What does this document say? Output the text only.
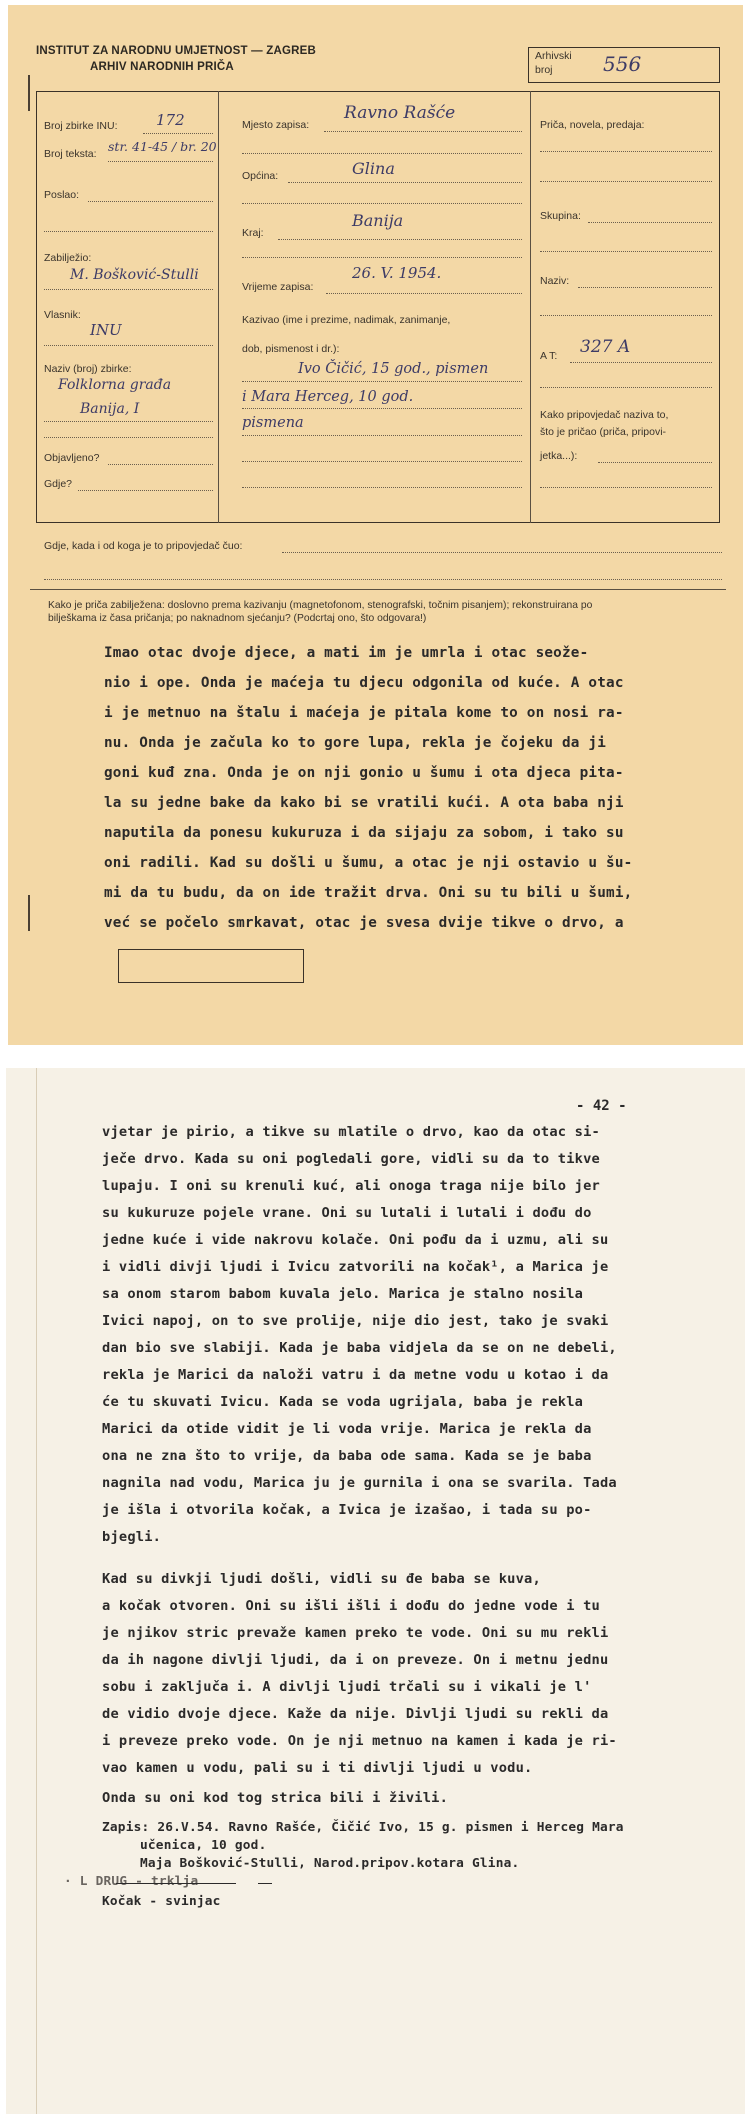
INSTITUT ZA NARODNU UMJETNOST — ZAGREB
ARHIV NARODNIH PRIČA
Arhivski
broj	556
Broj zbirke INU:	172
Broj teksta: str. 41-45 / br. 20
Poslao:
Zabilježio:
M. Bošković-Stulli
Vlasnik:
INU
Naziv (broj) zbirke:
Folklorna građa
Banija, I
Objavljeno?
Gdje?
Mjesto zapisa:
Ravno Rašće
Općina:	Glina
Kraj:
Banija
Vrijeme zapisa:
26. V. 1954.
Kazivao (ime i prezime, nadimak, zanimanje,
dob, pismenost i dr.):
Ivo Čičić, 15 god., pismen
i Mara Herceg, 10 god.
pismena
Priča, novela, predaja:
Skupina:
Naziv:
A T: 327 A
Kako pripovjedač naziva to,
što je pričao (priča, pripovi-
jetka...):
Gdje, kada i od koga je to pripovjedač čuo:
Kako je priča zabilježena: doslovno prema kazivanju (magnetofonom, stenografski, točnim pisanjem); rekonstruirana po
bilješkama iz časa pričanja; po naknadnom sjećanju? (Podcrtaj ono, što odgovara!)
Imao otac dvoje djece, a mati im je umrla i otac seože-
nio i ope. Onda je maćeja tu djecu odgonila od kuće. A otac
i je metnuo na štalu i maćeja je pitala kome to on nosi ra-
nu. Onda je začula ko to gore lupa, rekla je čojeku da ji
goni kuđ zna. Onda je on nji gonio u šumu i ota djeca pita-
la su jedne bake da kako bi se vratili kući. A ota baba nji
naputila da ponesu kukuruza i da sijaju za sobom, i tako su
oni radili. Kad su došli u šumu, a otac je nji ostavio u šu-
mi da tu budu, da on ide tražit drva. Oni su tu bili u šumi,
već se počelo smrkavat, otac je svesa dvije tikve o drvo, a
- 42 -
vjetar je pirio, a tikve su mlatile o drvo, kao da otac si-
ječe drvo. Kada su oni pogledali gore, vidli su da to tikve
lupaju. I oni su krenuli kuć, ali onoga traga nije bilo jer
su kukuruze pojele vrane. Oni su lutali i lutali i dođu do
jedne kuće i vide nakrovu kolače. Oni pođu da i uzmu, ali su
i vidli divji ljudi i Ivicu zatvorili na kočak¹, a Marica je
sa onom starom babom kuvala jelo. Marica je stalno nosila
Ivici napoj, on to sve prolije, nije dio jest, tako je svaki
dan bio sve slabiji. Kada je baba vidjela da se on ne debeli,
rekla je Marici da naloži vatru i da metne vodu u kotao i da
će tu skuvati Ivicu. Kada se voda ugrijala, baba je rekla
Marici da otide vidit je li voda vrije. Marica je rekla da
ona ne zna što to vrije, da baba ode sama. Kada se je baba
nagnila nad vodu, Marica ju je gurnila i ona se svarila. Tada
je išla i otvorila kočak, a Ivica je izašao, i tada su po-
bjegli.
Kad su divkji ljudi došli, vidli su đe baba se kuva,
a kočak otvoren. Oni su išli išli i dođu do jedne vode i tu
je njikov stric prevaže kamen preko te vode. Oni su mu rekli
da ih nagone divlji ljudi, da i on preveze. On i metnu jednu
sobu i zaključa i. A divlji ljudi trčali su i vikali je l'
de vidio dvoje djece. Kaže da nije. Divlji ljudi su rekli da
i preveze preko vode. On je nji metnuo na kamen i kada je ri-
vao kamen u vodu, pali su i ti divlji ljudi u vodu.
Onda su oni kod tog strica bili i živili.
Zapis: 26.V.54. Ravno Rašće, Čičić Ivo, 15 g. pismen i Herceg Mara
učenica, 10 god.
Maja Bošković-Stulli, Narod.pripov.kotara Glina.
· L DRUG - trklja
Kočak - svinjac
